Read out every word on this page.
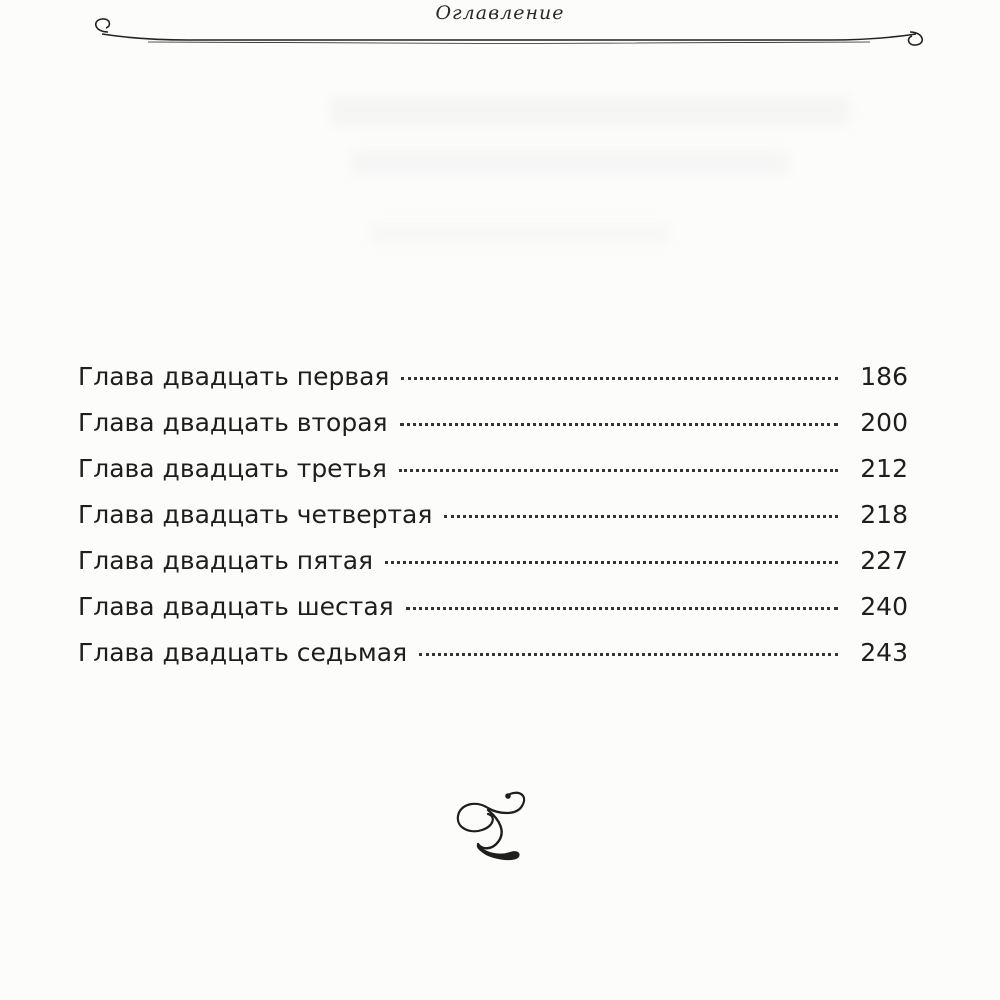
Оглавление
Глава двадцать первая	186
Глава двадцать вторая	200
Глава двадцать третья	212
Глава двадцать четвертая	218
Глава двадцать пятая	227
Глава двадцать шестая	240
Глава двадцать седьмая	243
